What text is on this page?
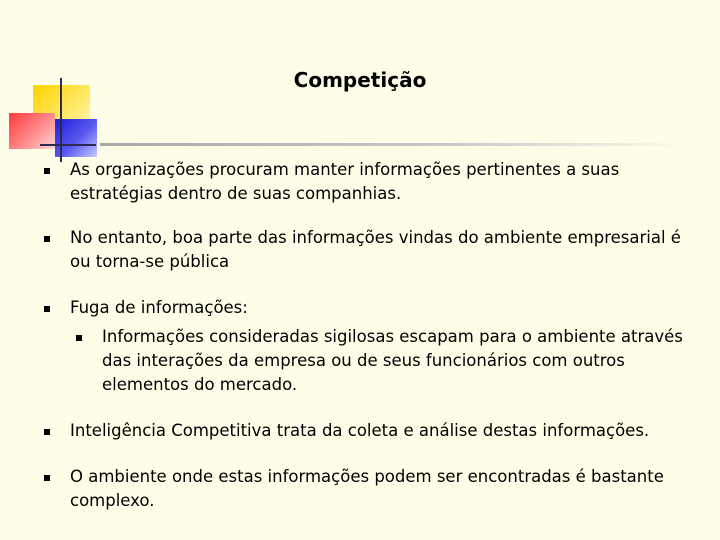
Competição
As organizações procuram manter informações pertinentes a suas estratégias dentro de suas companhias.
No entanto, boa parte das informações vindas do ambiente empresarial é ou torna-se pública
Fuga de informações:
Informações consideradas sigilosas escapam para o ambiente através das interações da empresa ou de seus funcionários com outros elementos do mercado.
Inteligência Competitiva trata da coleta e análise destas informações.
O ambiente onde estas informações podem ser encontradas é bastante complexo.
